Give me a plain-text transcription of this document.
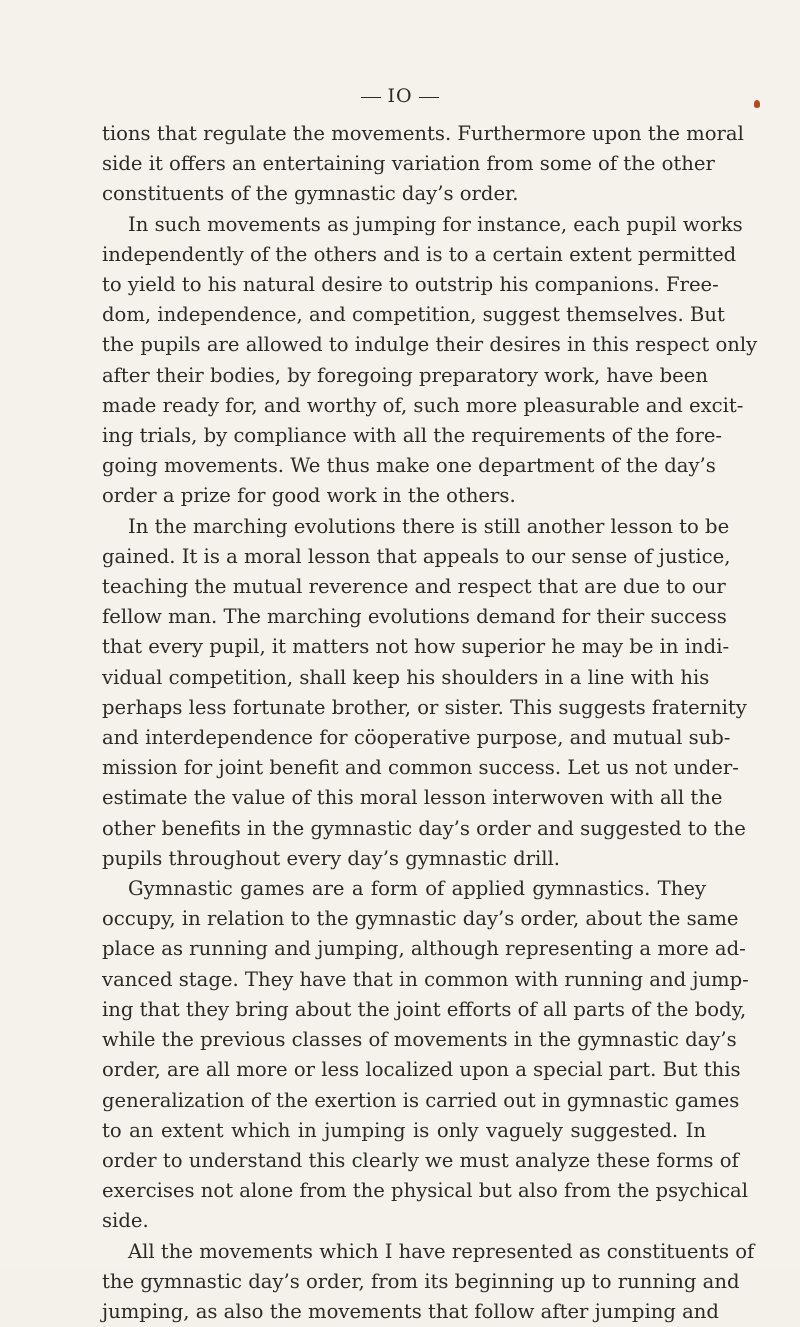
IO
tions that regulate the movements. Furthermore upon the moral
side it offers an entertaining variation from some of the other
constituents of the gymnastic day’s order.
In such movements as jumping for instance, each pupil works
independently of the others and is to a certain extent permitted
to yield to his natural desire to outstrip his companions. Free-
dom, independence, and competition, suggest themselves. But
the pupils are allowed to indulge their desires in this respect only
after their bodies, by foregoing preparatory work, have been
made ready for, and worthy of, such more pleasurable and excit-
ing trials, by compliance with all the requirements of the fore-
going movements. We thus make one department of the day’s
order a prize for good work in the others.
In the marching evolutions there is still another lesson to be
gained. It is a moral lesson that appeals to our sense of justice,
teaching the mutual reverence and respect that are due to our
fellow man. The marching evolutions demand for their success
that every pupil, it matters not how superior he may be in indi-
vidual competition, shall keep his shoulders in a line with his
perhaps less fortunate brother, or sister. This suggests fraternity
and interdependence for cöoperative purpose, and mutual sub-
mission for joint benefit and common success. Let us not under-
estimate the value of this moral lesson interwoven with all the
other benefits in the gymnastic day’s order and suggested to the
pupils throughout every day’s gymnastic drill.
Gymnastic games are a form of applied gymnastics. They
occupy, in relation to the gymnastic day’s order, about the same
place as running and jumping, although representing a more ad-
vanced stage. They have that in common with running and jump-
ing that they bring about the joint efforts of all parts of the body,
while the previous classes of movements in the gymnastic day’s
order, are all more or less localized upon a special part. But this
generalization of the exertion is carried out in gymnastic games
to an extent which in jumping is only vaguely suggested. In
order to understand this clearly we must analyze these forms of
exercises not alone from the physical but also from the psychical
side.
All the movements which I have represented as constituents of
the gymnastic day’s order, from its beginning up to running and
jumping, as also the movements that follow after jumping and
